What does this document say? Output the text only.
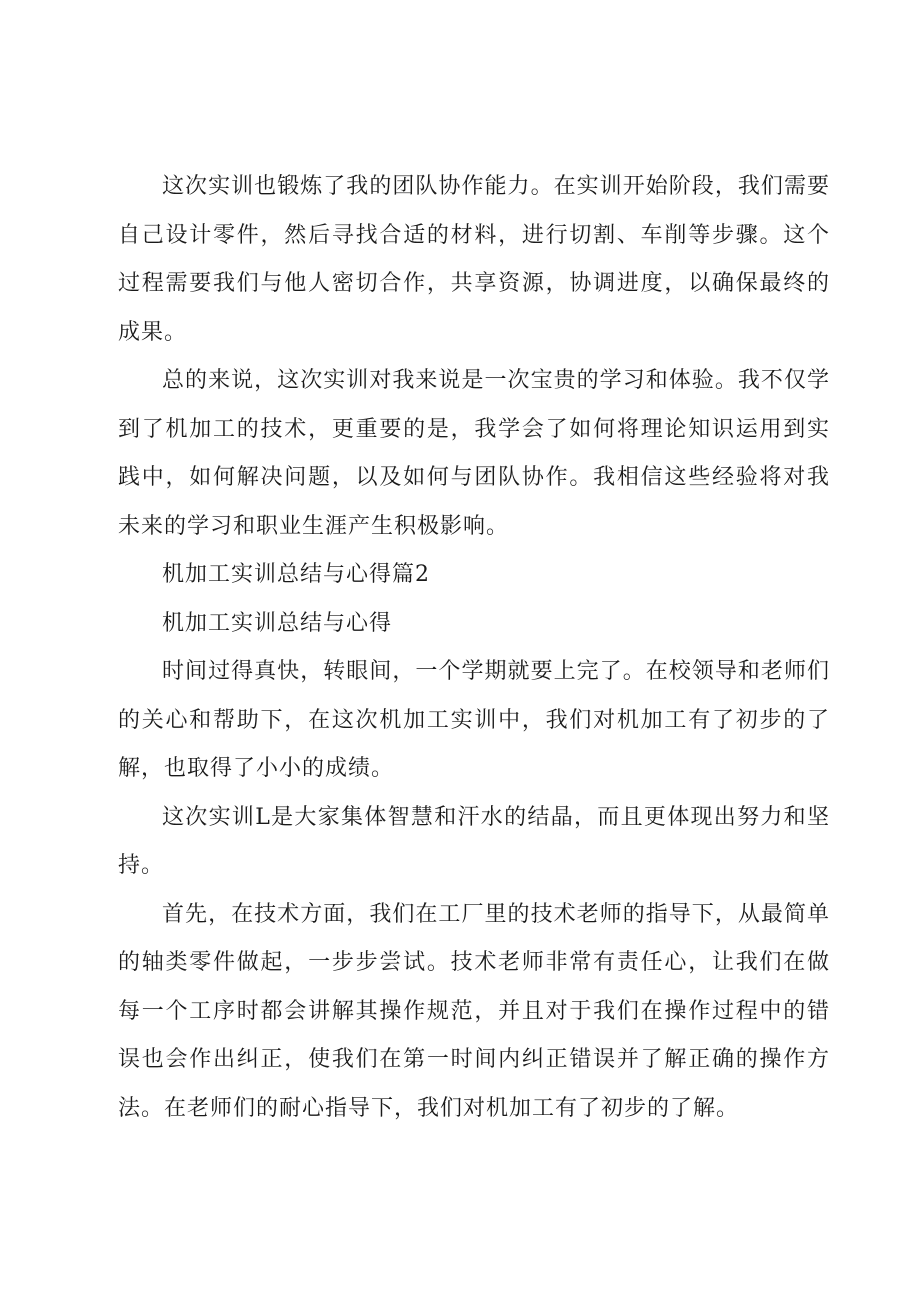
这次实训也锻炼了我的团队协作能力。在实训开始阶段，我们需要自己设计零件，然后寻找合适的材料，进行切割、车削等步骤。这个过程需要我们与他人密切合作，共享资源，协调进度，以确保最终的成果。

总的来说，这次实训对我来说是一次宝贵的学习和体验。我不仅学到了机加工的技术，更重要的是，我学会了如何将理论知识运用到实践中，如何解决问题，以及如何与团队协作。我相信这些经验将对我未来的学习和职业生涯产生积极影响。

机加工实训总结与心得篇2

机加工实训总结与心得

时间过得真快，转眼间，一个学期就要上完了。在校领导和老师们的关心和帮助下，在这次机加工实训中，我们对机加工有了初步的了解，也取得了小小的成绩。

这次实训L是大家集体智慧和汗水的结晶，而且更体现出努力和坚持。

首先，在技术方面，我们在工厂里的技术老师的指导下，从最简单的轴类零件做起，一步步尝试。技术老师非常有责任心，让我们在做每一个工序时都会讲解其操作规范，并且对于我们在操作过程中的错误也会作出纠正，使我们在第一时间内纠正错误并了解正确的操作方法。在老师们的耐心指导下，我们对机加工有了初步的了解。
